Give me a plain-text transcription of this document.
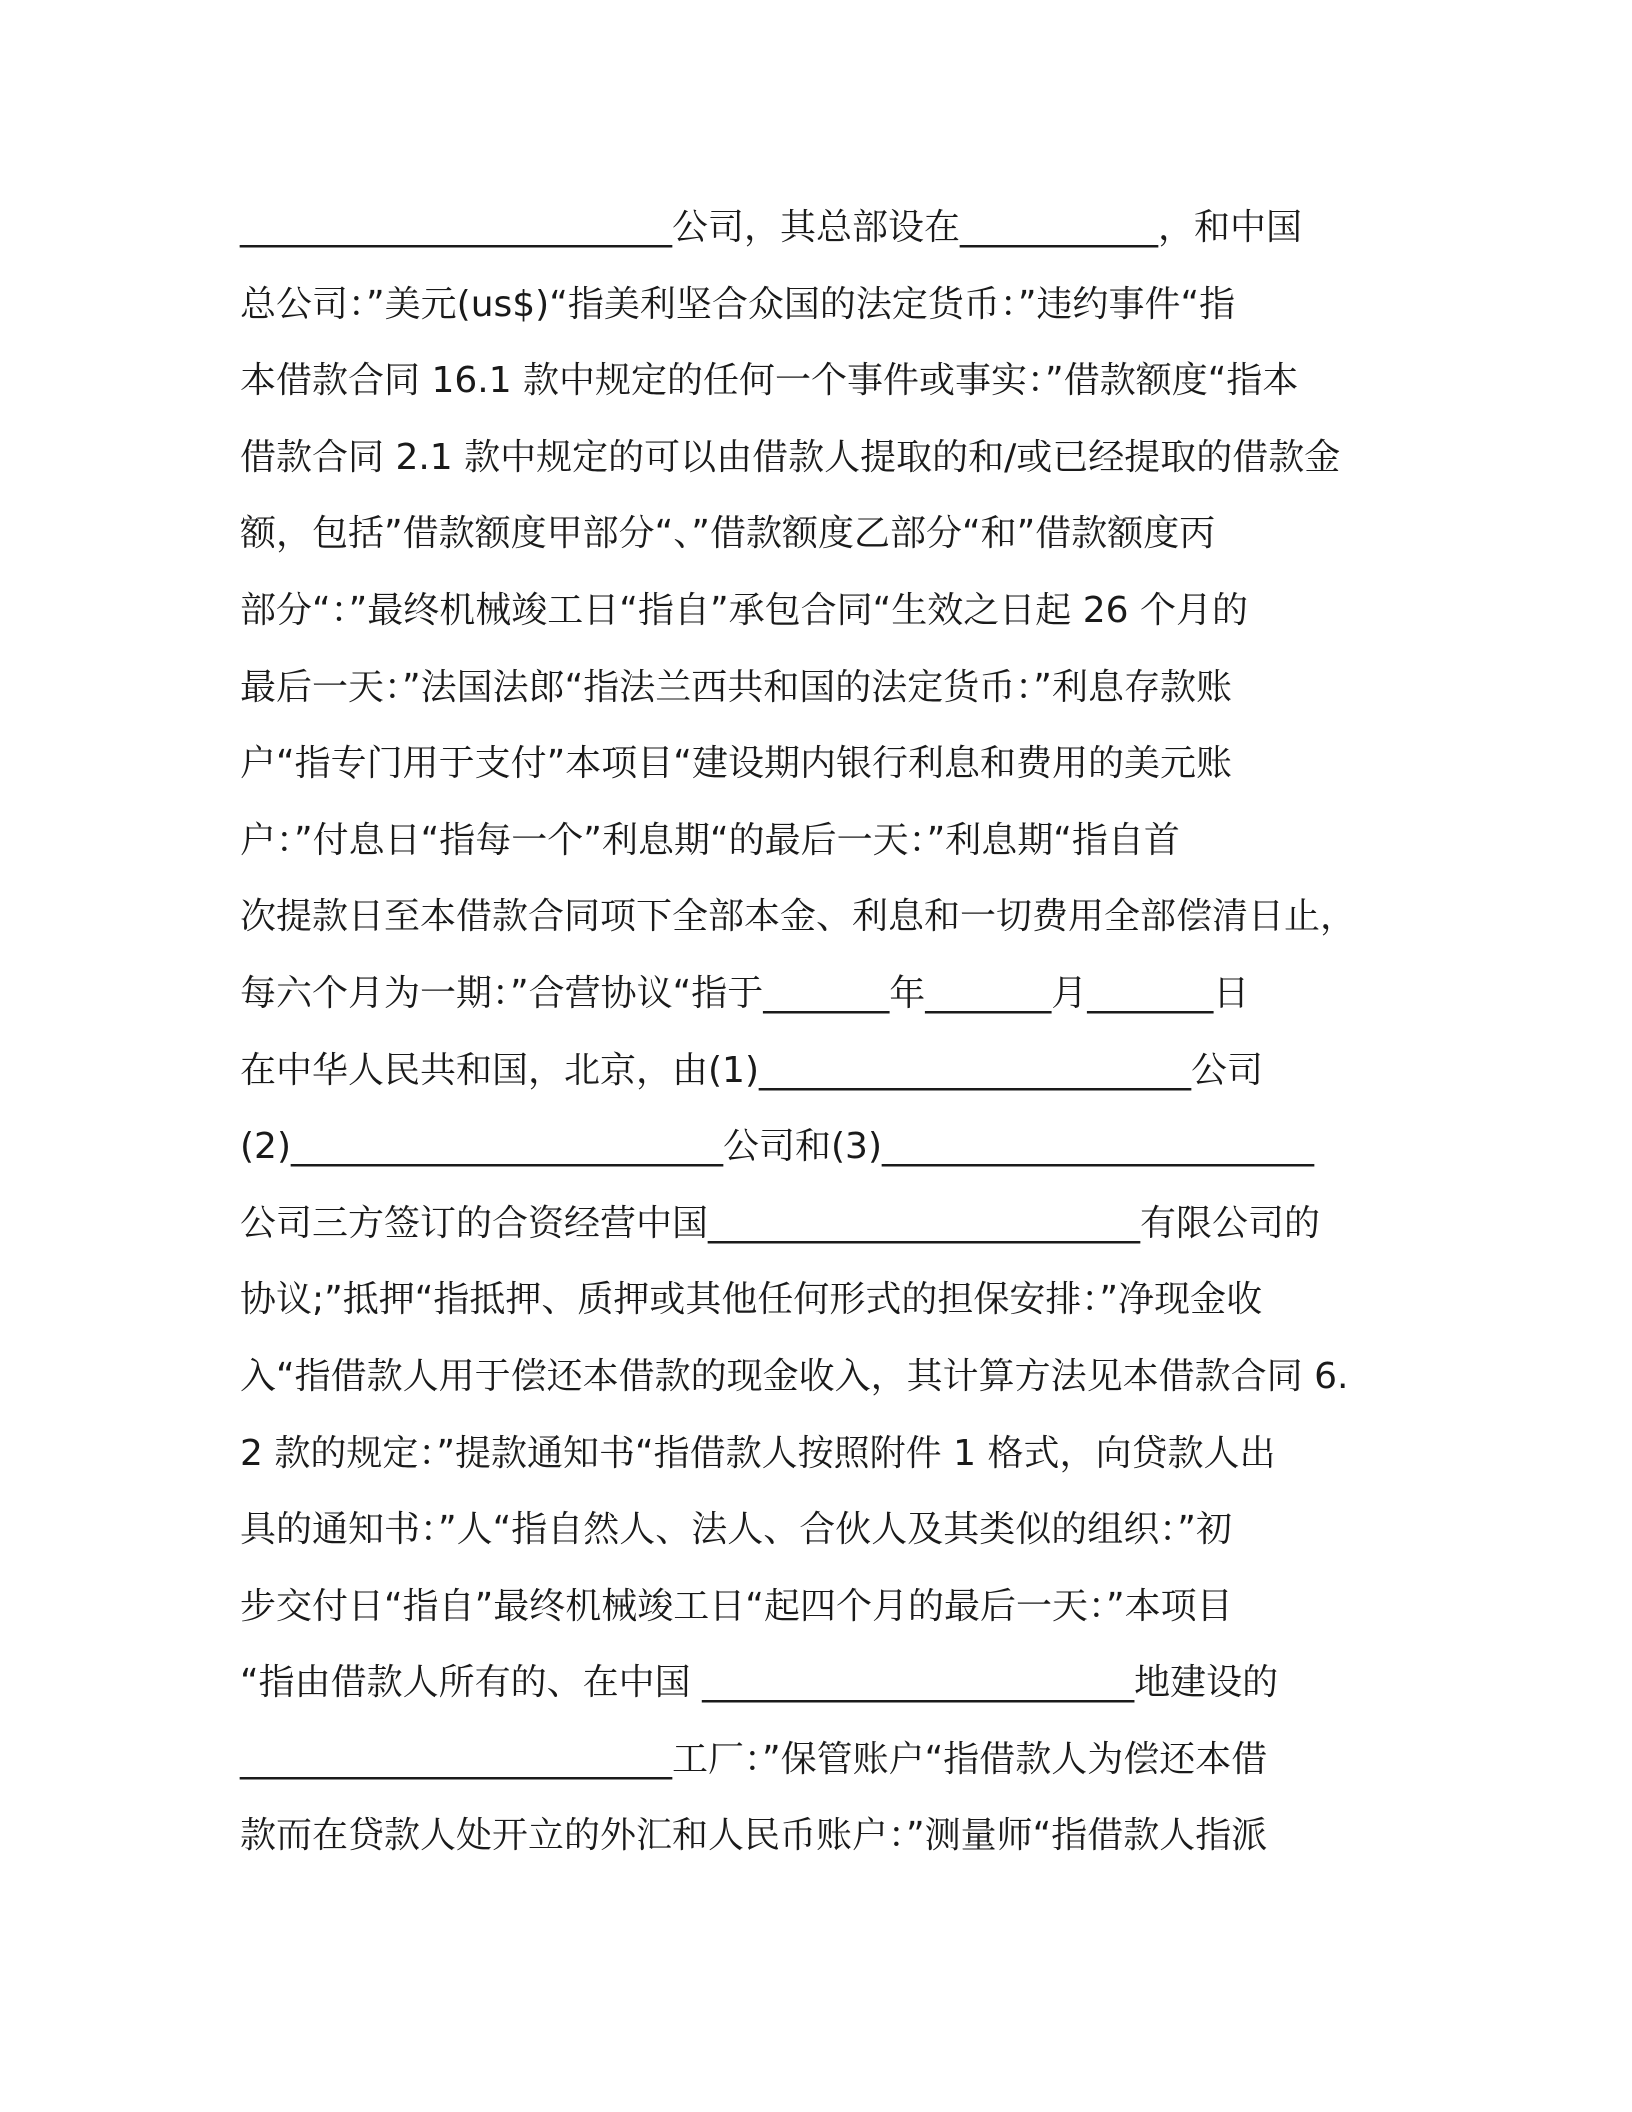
________________________公司，其总部设在___________，和中国
总公司：”美元(us$)“指美利坚合众国的法定货币：”违约事件“指
本借款合同 16.1 款中规定的任何一个事件或事实：”借款额度“指本
借款合同 2.1 款中规定的可以由借款人提取的和/或已经提取的借款金
额，包括”借款额度甲部分“、”借款额度乙部分“和”借款额度丙
部分“：”最终机械竣工日“指自”承包合同“生效之日起 26 个月的
最后一天：”法国法郎“指法兰西共和国的法定货币：”利息存款账
户“指专门用于支付”本项目“建设期内银行利息和费用的美元账
户：”付息日“指每一个”利息期“的最后一天：”利息期“指自首
次提款日至本借款合同项下全部本金、利息和一切费用全部偿清日止，
每六个月为一期：”合营协议“指于_______年_______月_______日
在中华人民共和国，北京，由(1)________________________公司
(2)________________________公司和(3)________________________
公司三方签订的合资经营中国________________________有限公司的
协议;”抵押“指抵押、质押或其他任何形式的担保安排：”净现金收
入“指借款人用于偿还本借款的现金收入，其计算方法见本借款合同 6.
2 款的规定：”提款通知书“指借款人按照附件 1 格式，向贷款人出
具的通知书：”人“指自然人、法人、合伙人及其类似的组织：”初
步交付日“指自”最终机械竣工日“起四个月的最后一天：”本项目
“指由借款人所有的、在中国 ________________________地建设的
________________________工厂：”保管账户“指借款人为偿还本借
款而在贷款人处开立的外汇和人民币账户：”测量师“指借款人指派
